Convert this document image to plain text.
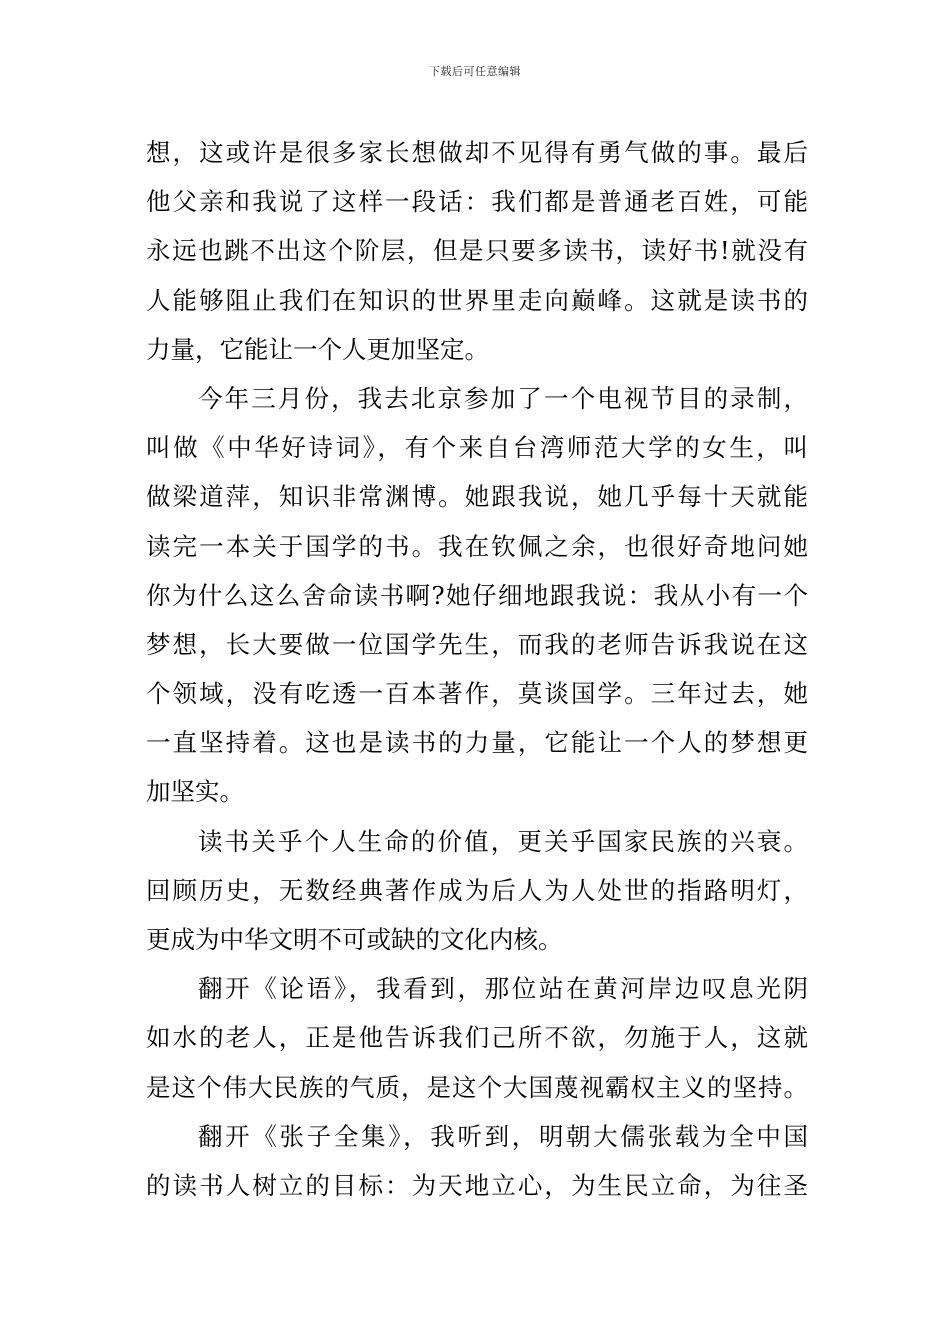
下载后可任意编辑
想，这或许是很多家长想做却不见得有勇气做的事。最后
他父亲和我说了这样一段话：我们都是普通老百姓，可能
永远也跳不出这个阶层，但是只要多读书，读好书!就没有
人能够阻止我们在知识的世界里走向巅峰。这就是读书的
力量，它能让一个人更加坚定。
今年三月份，我去北京参加了一个电视节目的录制，
叫做《中华好诗词》，有个来自台湾师范大学的女生，叫
做梁道萍，知识非常渊博。她跟我说，她几乎每十天就能
读完一本关于国学的书。我在钦佩之余，也很好奇地问她
你为什么这么舍命读书啊?她仔细地跟我说：我从小有一个
梦想，长大要做一位国学先生，而我的老师告诉我说在这
个领域，没有吃透一百本著作，莫谈国学。三年过去，她
一直坚持着。这也是读书的力量，它能让一个人的梦想更
加坚实。
读书关乎个人生命的价值，更关乎国家民族的兴衰。
回顾历史，无数经典著作成为后人为人处世的指路明灯，
更成为中华文明不可或缺的文化内核。
翻开《论语》，我看到，那位站在黄河岸边叹息光阴
如水的老人，正是他告诉我们己所不欲，勿施于人，这就
是这个伟大民族的气质，是这个大国蔑视霸权主义的坚持。
翻开《张子全集》，我听到，明朝大儒张载为全中国
的读书人树立的目标：为天地立心，为生民立命，为往圣
